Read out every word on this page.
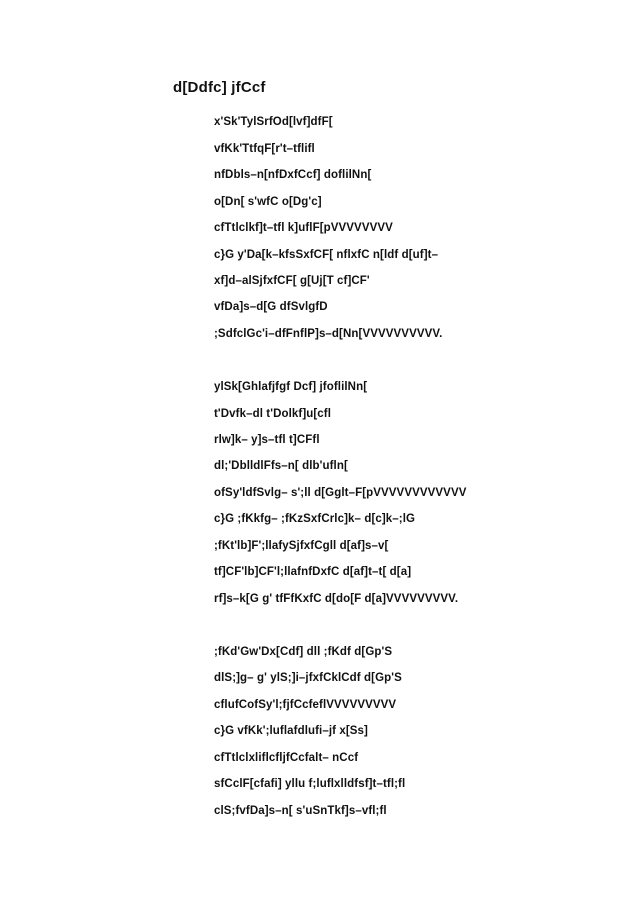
d[Ddfc] jfCcf
x'Sk'TylSrfOd[lvf]dfF[
vfKk'TtfqF[r't–tflifl
nfDbls–n[nfDxfCcf] doflilNn[
o[Dn[ s'wfC o[Dg'c]
cfTtlclkf]t–tfl k]uflF[pVVVVVVVV
c}G y'Da[k–kfsSxfCF[ nflxfC n[ldf d[uf]t–
xf]d–alSjfxfCF[ g[Uj[T cf]CF'
vfDa]s–d[G dfSvlgfD
;SdfclGc'i–dfFnflP]s–d[Nn[VVVVVVVVVV.
ylSk[Ghlafjfgf Dcf] jfoflilNn[
t'Dvfk–dl t'Dolkf]u[cfl
rlw]k– y]s–tfl t]CFfl
dl;'DblldlFfs–n[ dlb'ufln[
ofSy'ldfSvlg– s';ll d[Gglt–F[pVVVVVVVVVVVV
c}G ;fKkfg– ;fKzSxfCrlc]k– d[c]k–;lG
;fKt'lb]F';llafySjfxfCgll d[af]s–v[
tf]CF'lb]CF'l;llafnfDxfC d[af]t–t[ d[a]
rf]s–k[G g' tfFfKxfC d[do[F d[a]VVVVVVVVV.
;fKd'Gw'Dx[Cdf] dll ;fKdf d[Gp'S
dlS;]g– g' ylS;]i–jfxfCklCdf d[Gp'S
cflufCofSy'l;fjfCcfeflVVVVVVVVV
c}G vfKk';luflafdlufi–jf x[Ss]
cfTtlclxliflcfljfCcfalt– nCcf
sfCclF[cfafi] yllu f;luflxlldfsf]t–tfl;fl
clS;fvfDa]s–n[ s'uSnTkf]s–vfl;fl
